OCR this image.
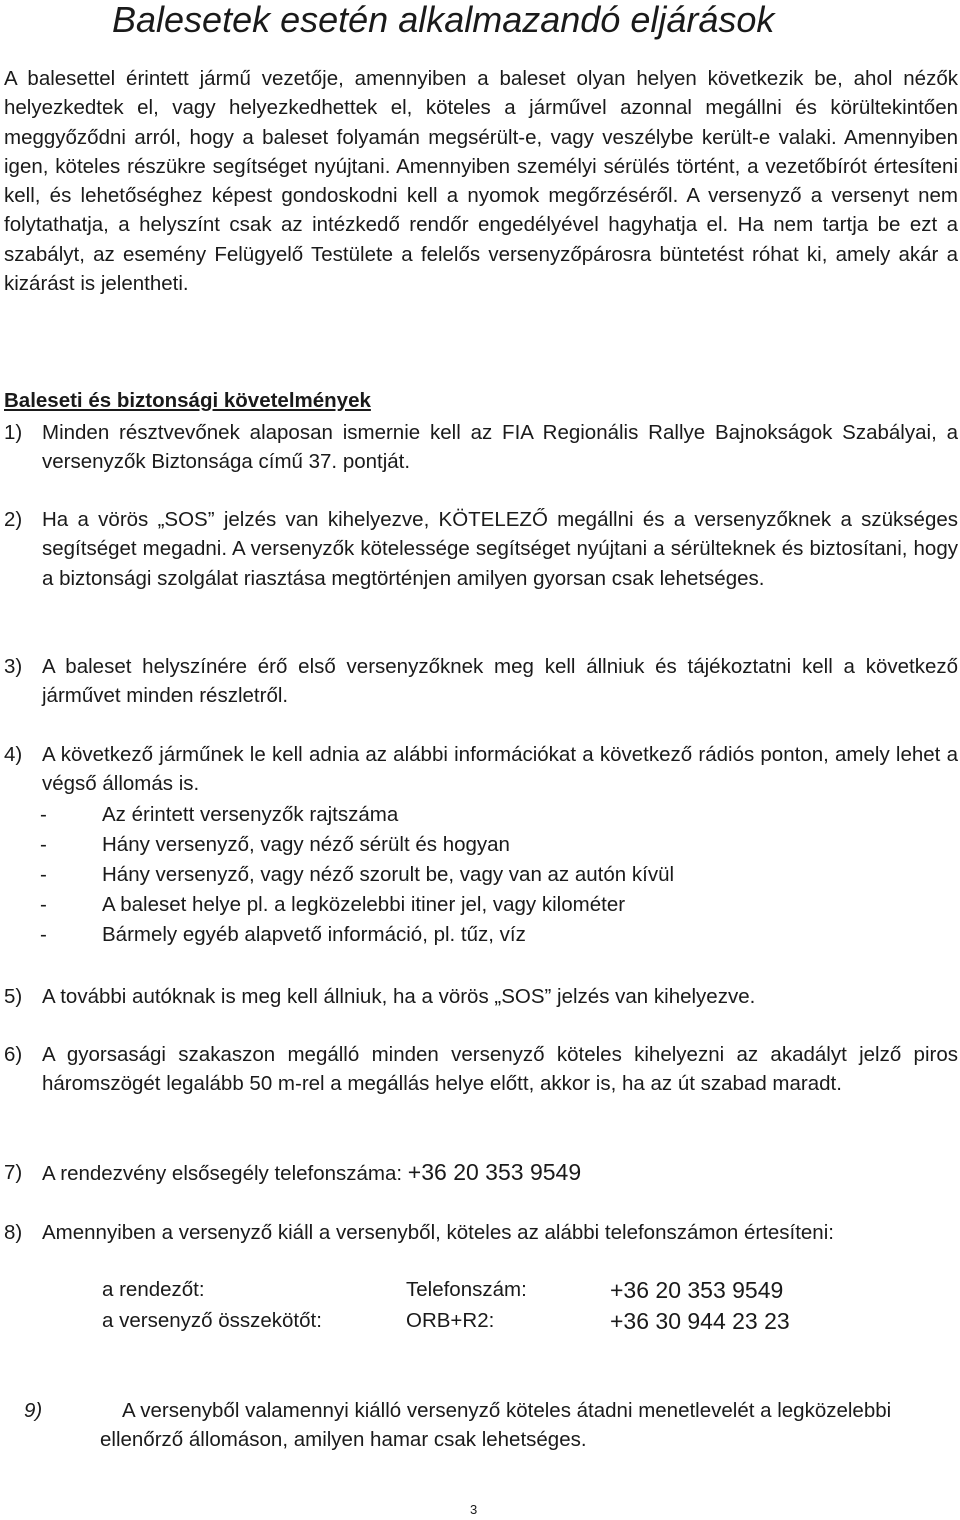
Balesetek esetén alkalmazandó eljárások

A balesettel érintett jármű vezetője, amennyiben a baleset olyan helyen következik be, ahol nézők helyezkedtek el, vagy helyezkedhettek el, köteles a járművel azonnal megállni és körültekintően meggyőződni arról, hogy a baleset folyamán megsérült-e, vagy veszélybe került-e valaki. Amennyiben igen, köteles részükre segítséget nyújtani. Amennyiben személyi sérülés történt, a vezetőbírót értesíteni kell, és lehetőséghez képest gondoskodni kell a nyomok megőrzéséről. A versenyző a versenyt nem folytathatja, a helyszínt csak az intézkedő rendőr engedélyével hagyhatja el. Ha nem tartja be ezt a szabályt, az esemény Felügyelő Testülete a felelős versenyzőpárosra büntetést róhat ki, amely akár a kizárást is jelentheti.

Baleseti és biztonsági követelmények
1) Minden résztvevőnek alaposan ismernie kell az FIA Regionális Rallye Bajnokságok Szabályai, a versenyzők Biztonsága című 37. pontját.
2) Ha a vörös „SOS” jelzés van kihelyezve, KÖTELEZŐ megállni és a versenyzőknek a szükséges segítséget megadni. A versenyzők kötelessége segítséget nyújtani a sérülteknek és biztosítani, hogy a biztonsági szolgálat riasztása megtörténjen amilyen gyorsan csak lehetséges.
3) A baleset helyszínére érő első versenyzőknek meg kell állniuk és tájékoztatni kell a következő járművet minden részletről.
4) A következő járműnek le kell adnia az alábbi információkat a következő rádiós ponton, amely lehet a végső állomás is.
-	Az érintett versenyzők rajtszáma
-	Hány versenyző, vagy néző sérült és hogyan
-	Hány versenyző, vagy néző szorult be, vagy van az autón kívül
-	A baleset helye pl. a legközelebbi itiner jel, vagy kilométer
-	Bármely egyéb alapvető információ, pl. tűz, víz
5) A további autóknak is meg kell állniuk, ha a vörös „SOS” jelzés van kihelyezve.
6) A gyorsasági szakaszon megálló minden versenyző köteles kihelyezni az akadályt jelző piros háromszögét legalább 50 m-rel a megállás helye előtt, akkor is, ha az út szabad maradt.
7) A rendezvény elsősegély telefonszáma: +36 20 353 9549
8) Amennyiben a versenyző kiáll a versenyből, köteles az alábbi telefonszámon értesíteni:
a rendezőt:	Telefonszám:	+36 20 353 9549
a versenyző összekötőt:	ORB+R2:	+36 30 944 23 23
9)	A versenyből valamennyi kiálló versenyző köteles átadni menetlevelét a legközelebbi ellenőrző állomáson, amilyen hamar csak lehetséges.
3
